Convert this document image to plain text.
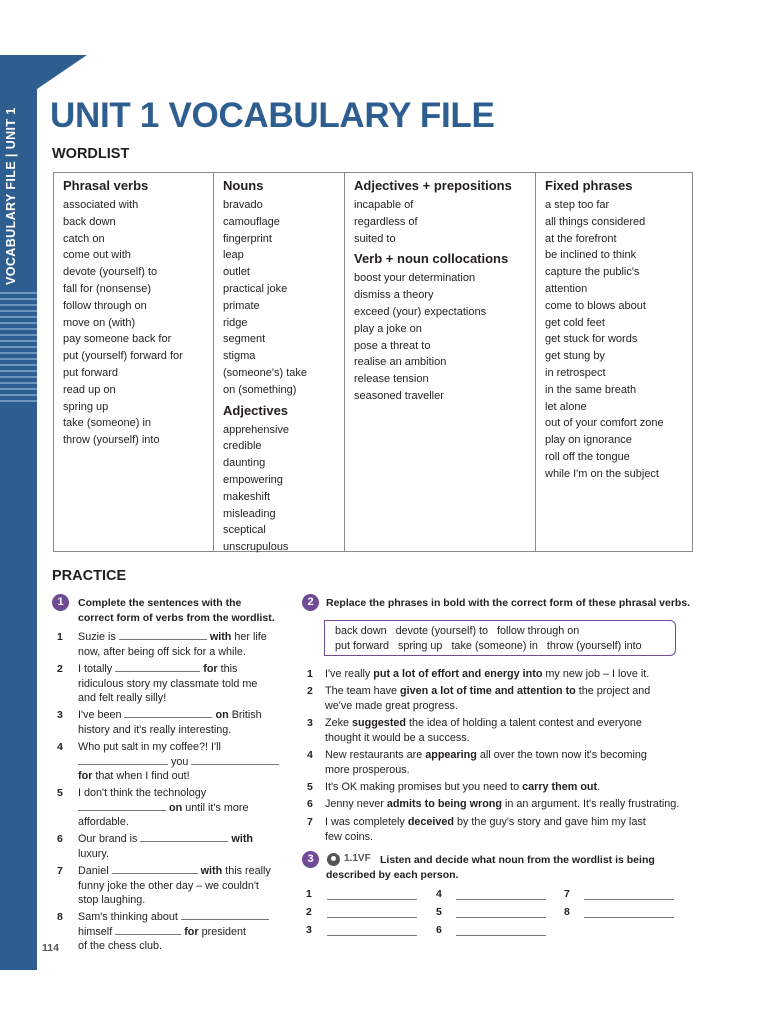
VOCABULARY FILE | UNIT 1 UNIT 1 VOCABULARY FILE
WORDLIST
Phrasal verbs
associated with
back down
catch on
come out with
devote (yourself) to
fall for (nonsense)
follow through on
move on (with)
pay someone back for
put (yourself) forward for
put forward
read up on
spring up
take (someone) in
throw (yourself) into
Nouns
bravado
camouflage
fingerprint
leap
outlet
practical joke
primate
ridge
segment
stigma
(someone's) take
on (something)
Adjectives
apprehensive
credible
daunting
empowering
makeshift
misleading
sceptical
unscrupulous
Adjectives + prepositions
incapable of
regardless of
suited to
Verb + noun collocations
boost your determination
dismiss a theory
exceed (your) expectations
play a joke on
pose a threat to
realise an ambition
release tension
seasoned traveller
Fixed phrases
a step too far
all things considered
at the forefront
be inclined to think
capture the public's
attention
come to blows about
get cold feet
get stuck for words
get stung by
in retrospect
in the same breath
let alone
out of your comfort zone
play on ignorance
roll off the tongue
while I'm on the subject
PRACTICE
1	Complete the sentences with the
correct form of verbs from the wordlist.
1 Suzie is	with her life
now, after being off sick for a while.
2 I totally	for this
ridiculous story my classmate told me
and felt really silly!
3 I've been	on British
history and it's really interesting.
4 Who put salt in my coffee?! I'll
you
for that when I find out!
5 I don't think the technology
on until it's more
affordable.
6 Our brand is	with
luxury.
7 Daniel	with this really
funny joke the other day – we couldn't
stop laughing.
8 Sam's thinking about
himself	for president
of the chess club.
2	Replace the phrases in bold with the correct form of these phrasal verbs.
back down devote (yourself) to follow through on
put forward spring up take (someone) in throw (yourself) into
1 I've really put a lot of effort and energy into my new job – I love it.
2 The team have given a lot of time and attention to the project and
we've made great progress.
3 Zeke suggested the idea of holding a talent contest and everyone
thought it would be a success.
4 New restaurants are appearing all over the town now it's becoming
more prosperous.
5 It's OK making promises but you need to carry them out.
6 Jenny never admits to being wrong in an argument. It's really frustrating.
7 I was completely deceived by the guy's story and gave him my last
few coins.
3	1.1VF Listen and decide what noun from the wordlist is being
described by each person.
1
2
3
4
5
6
7
8
114
